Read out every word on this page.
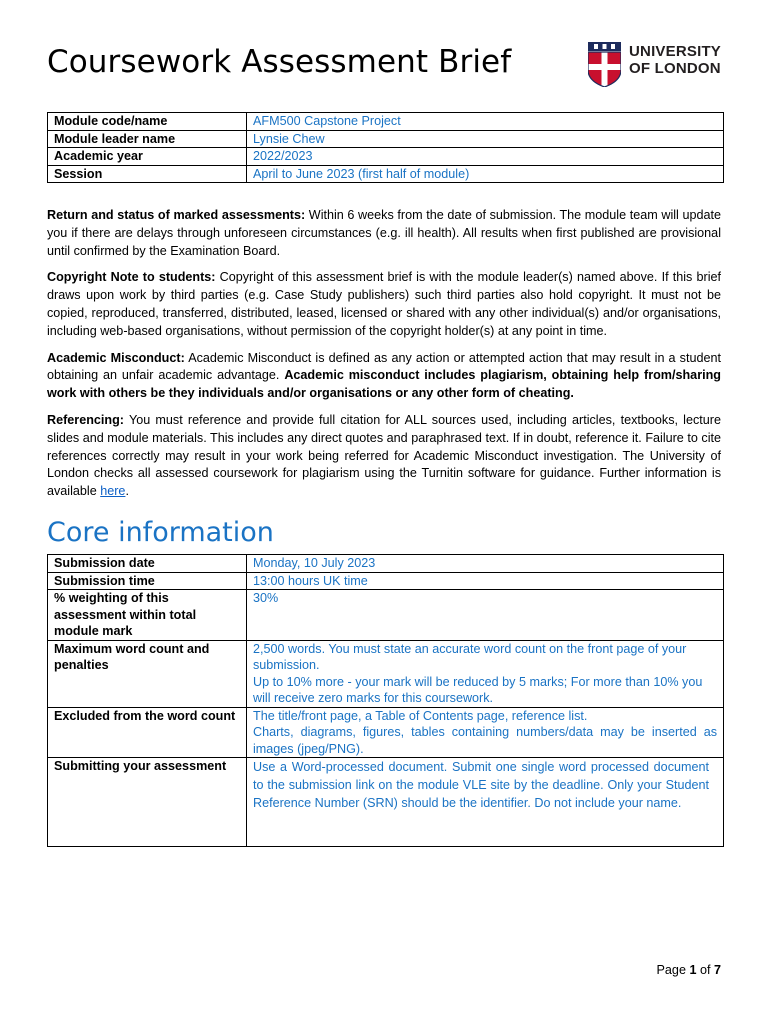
Coursework Assessment Brief	UNIVERSITY
OF LONDON
Module code/name	AFM500 Capstone Project
Module leader name	Lynsie Chew
Academic year	2022/2023
Session	April to June 2023 (first half of module)

Return and status of marked assessments: Within 6 weeks from the date of submission. The module team will update you if there are delays through unforeseen circumstances (e.g. ill health). All results when first published are provisional until confirmed by the Examination Board.

Copyright Note to students: Copyright of this assessment brief is with the module leader(s) named above. If this brief draws upon work by third parties (e.g. Case Study publishers) such third parties also hold copyright. It must not be copied, reproduced, transferred, distributed, leased, licensed or shared with any other individual(s) and/or organisations, including web-based organisations, without permission of the copyright holder(s) at any point in time.

Academic Misconduct: Academic Misconduct is defined as any action or attempted action that may result in a student obtaining an unfair academic advantage. Academic misconduct includes plagiarism, obtaining help from/sharing work with others be they individuals and/or organisations or any other form of cheating.

Referencing: You must reference and provide full citation for ALL sources used, including articles, textbooks, lecture slides and module materials. This includes any direct quotes and paraphrased text. If in doubt, reference it. Failure to cite references correctly may result in your work being referred for Academic Misconduct investigation. The University of London checks all assessed coursework for plagiarism using the Turnitin software for guidance. Further information is available here.

Core information
Submission date	Monday, 10 July 2023
Submission time	13:00 hours UK time
% weighting of this assessment within total module mark	30%
Maximum word count and penalties	2,500 words. You must state an accurate word count on the front page of your submission.
Up to 10% more - your mark will be reduced by 5 marks; For more than 10% you will receive zero marks for this coursework.

Excluded from the word count	The title/front page, a Table of Contents page, reference list.
Charts, diagrams, figures, tables containing numbers/data may be inserted as images (jpeg/PNG).

Submitting your assessment	Use a Word-processed document. Submit one single word processed document to the submission link on the module VLE site by the deadline. Only your Student Reference Number (SRN) should be the identifier. Do not include your name.
Page 1 of 7
